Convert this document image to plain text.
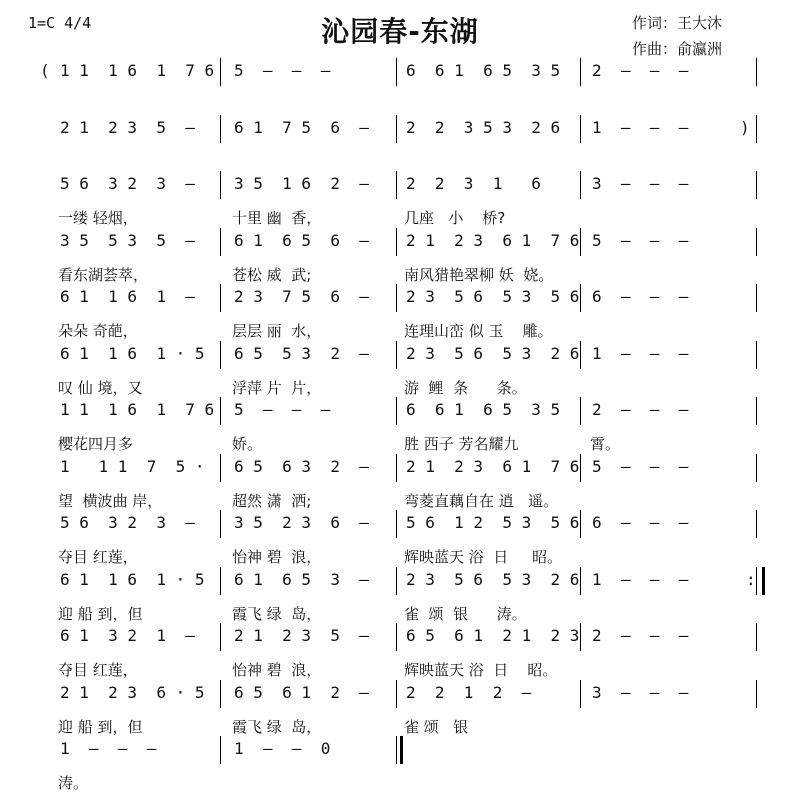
1=C 4/4	沁园春-东湖	作词：王大沐
作曲：俞瀛洲
( 1 1  1 6  1  7 6 5  —  —  —	6  6 1  6 5  3 5 2  —  —  —
2 1  2 3  5  — 6 1  7 5  6  — 2  2  3 5 3  2 6 1  —  —  —	)
5 6  3 2  3  —
一缕 轻烟，
3 5  1 6  2  —
十里 幽  香，
2  2  3  1   6
几座   小    桥?
3  —  —  —
3 5  5 3  5  —
看东湖荟萃，
6 1  6 5  6  —
苍松 威  武;
2 1  2 3  6 1  7 6
南风猎艳翠柳 妖  娆。
5  —  —  —
6 1  1 6  1  —
朵朵 奇葩，
2 3  7 5  6  —
层层 丽  水，
2 3  5 6  5 3  5 6
连理山峦 似 玉    雕。
6  —  —  —
6 1  1 6  1 · 5
叹 仙 境，又
6 5  5 3  2  —
浮萍 片  片，
2 3  5 6  5 3  2 6
游  鲤  条      条。
1  —  —  —
1 1  1 6  1  7 6
樱花四月多
5  —  —  —
娇。
6  6 1  6 5  3 5
胜 西子 芳名耀九
2  —  —  —
霄。
1   1 1  7  5 ·
望  横波曲 岸，
6 5  6 3  2  —
超然 潇  洒;
2 1  2 3  6 1  7 6
弯菱直藕自在 逍   遥。
5  —  —  —
5 6  3 2  3  —
夺目 红莲，
3 5  2 3  6  —
怡神 碧  浪，
5 6  1 2  5 3  5 6
辉映蓝天 浴  日     昭。
6  —  —  —
6 1  1 6  1 · 5
迎 船 到，但
6 1  6 5  3  —
霞飞 绿  岛，
2 3  5 6  5 3  2 6
雀  颂  银      涛。
1  —  —  —	:
6 1  3 2  1  —
夺目 红莲，
2 1  2 3  5  —
怡神 碧  浪，
6 5  6 1  2 1  2 3
辉映蓝天 浴  日    昭。
2  —  —  —
2 1  2 3  6 · 5
迎 船 到，但
6 5  6 1  2  —
霞飞 绿  岛，
2  2  1  2  —
雀 颂   银
3  —  —  —
1  —  —  —
涛。
1  —  —  0
